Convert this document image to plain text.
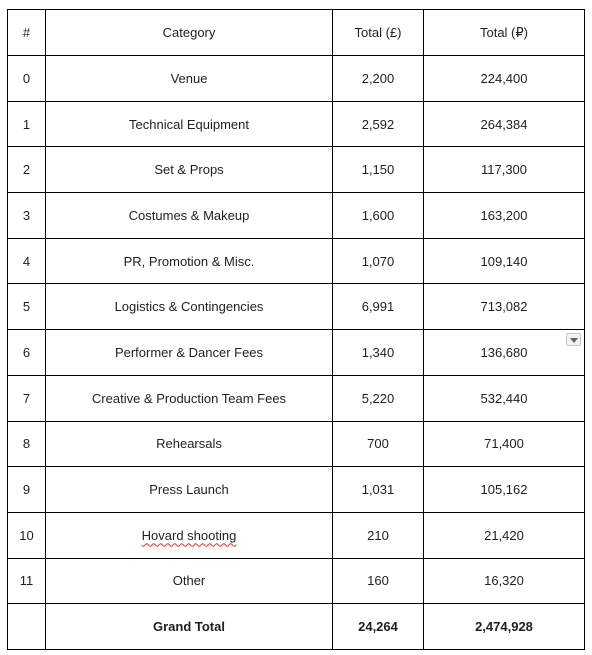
#	Category	Total (£)	Total (₽)
0	Venue	2,200	224,400
1	Technical Equipment	2,592	264,384
2	Set & Props	1,150	117,300
3	Costumes & Makeup	1,600	163,200
4	PR, Promotion & Misc.	1,070	109,140
5	Logistics & Contingencies	6,991	713,082
6	Performer & Dancer Fees	1,340	136,680
7	Creative & Production Team Fees	5,220	532,440
8	Rehearsals	700	71,400
9	Press Launch	1,031	105,162
10	Hovard shooting	210	21,420
11	Other	160	16,320
	Grand Total	24,264	2,474,928
